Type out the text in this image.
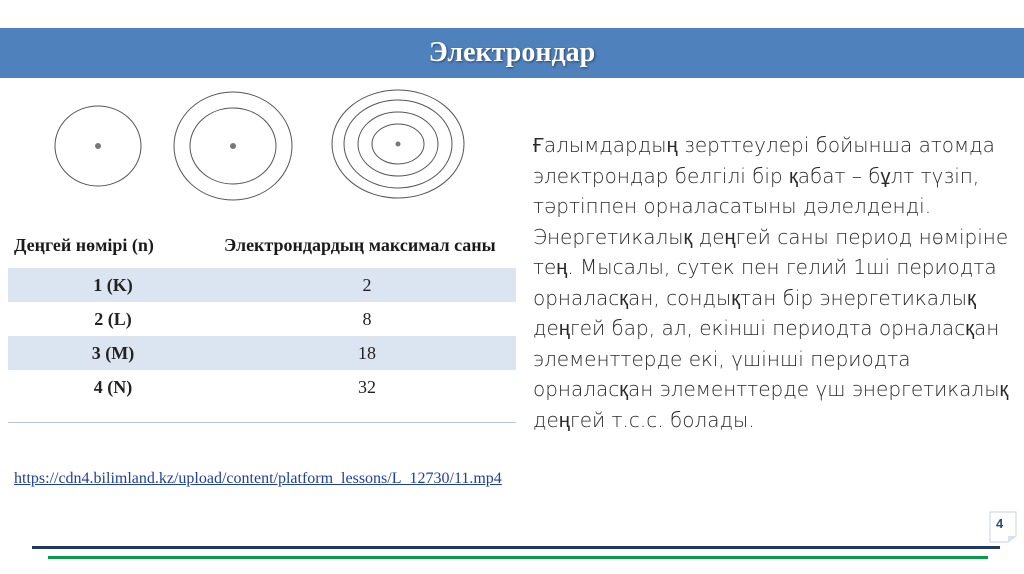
Электрондар
Деңгей нөмірі (n)	Электрондардың максимал саны
1 (K)	2
2 (L)	8
3 (M)	18
4 (N)	32
https://cdn4.bilimland.kz/upload/content/platform_lessons/L_12730/11.mp4

Ғалымдардың зерттеулері бойынша атомда электрондар белгілі бір қабат – бұлт түзіп, тәртіппен орналасатыны дәлелденді.

Энергетикалық деңгей саны период нөміріне тең. Мысалы, сутек пен гелий 1ші периодта орналасқан, сондықтан бір энергетикалық деңгей бар, ал, екінші периодта орналасқан элементтерде екі, үшінші периодта орналасқан элементтерде үш энергетикалық деңгей т.с.с. болады.

4
